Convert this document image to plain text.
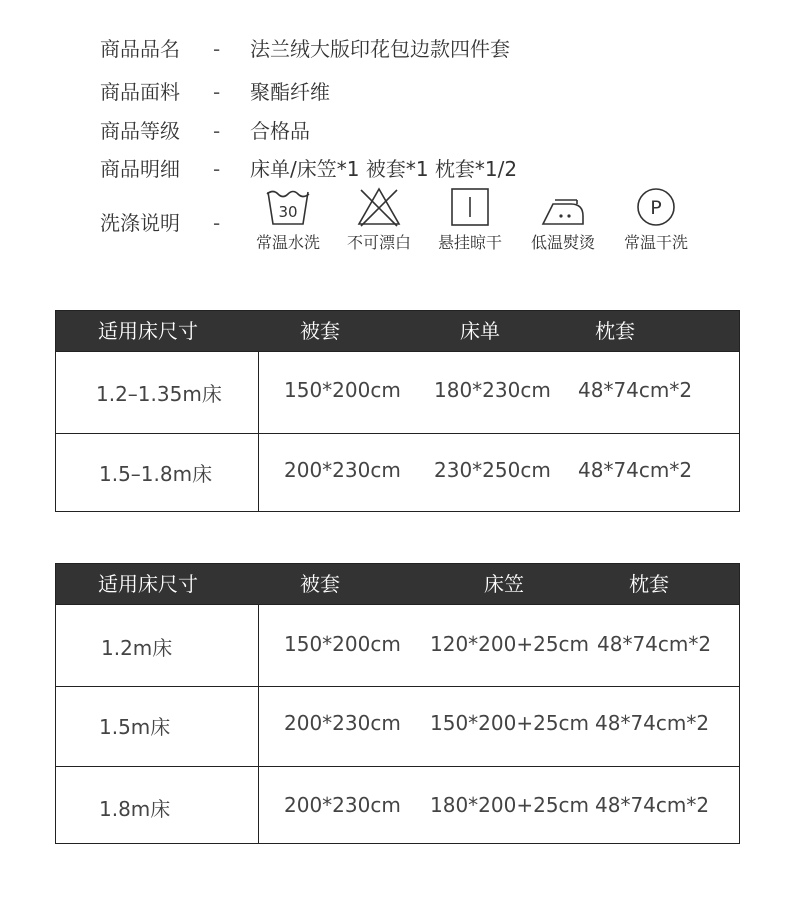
商品品名	- 法兰绒大版印花包边款四件套
商品面料	- 聚酯纤维
商品等级	- 合格品
商品明细	- 床单/床笠*1 被套*1 枕套*1/2
洗涤说明	-	30
常温水洗	不可漂白	悬挂晾干	低温熨烫
P
常温干洗
适用床尺寸	被套	床单	枕套
1.2–1.35m床	150*200cm 180*230cm 48*74cm*2
1.5–1.8m床	200*230cm 230*250cm 48*74cm*2
适用床尺寸	被套	床笠	枕套
1.2m床	150*200cm 120*200+25cm 48*74cm*2
1.5m床	200*230cm 150*200+25cm 48*74cm*2
1.8m床	200*230cm 180*200+25cm 48*74cm*2
